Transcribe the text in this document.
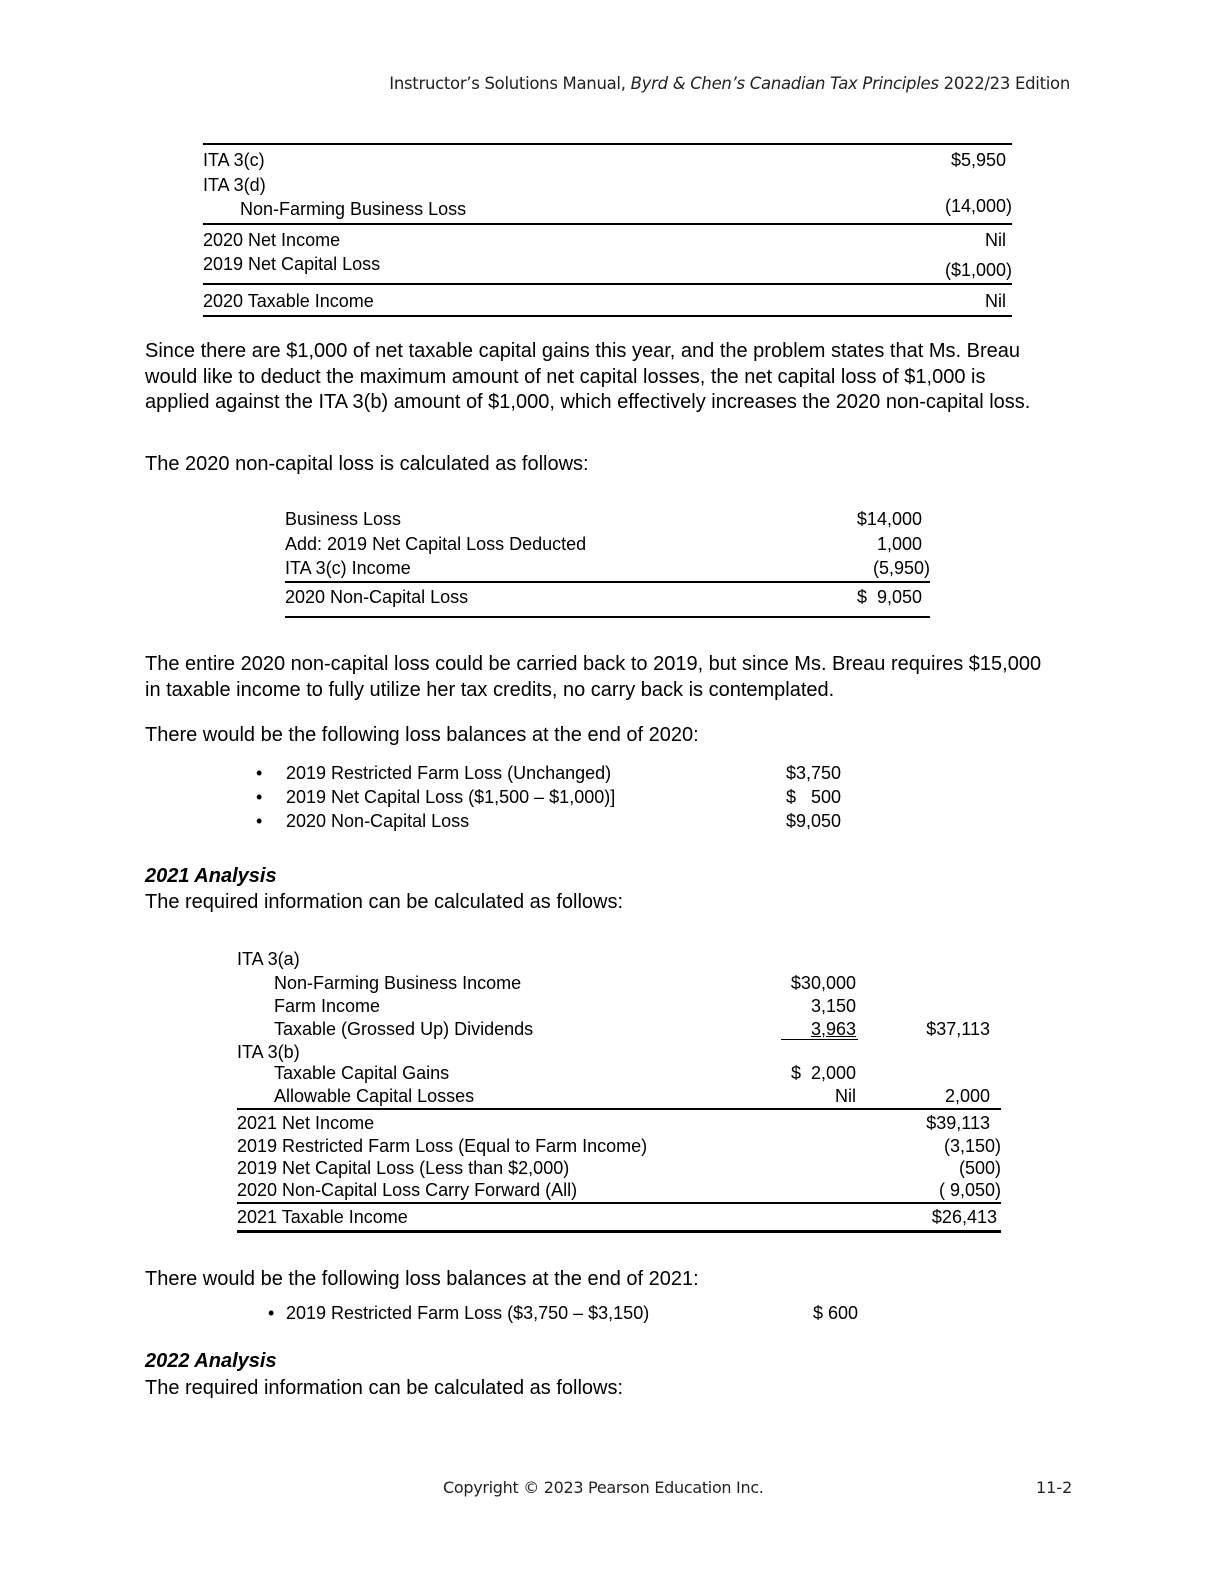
Instructor’s Solutions Manual, Byrd & Chen’s Canadian Tax Principles 2022/23 Edition
ITA 3(c)	$5,950
ITA 3(d)
Non-Farming Business Loss	(14,000)
2020 Net Income	Nil
2019 Net Capital Loss	($1,000)
2020 Taxable Income	Nil
Since there are $1,000 of net taxable capital gains this year, and the problem states that Ms. Breau would like to deduct the maximum amount of net capital losses, the net capital loss of $1,000 is applied against the ITA 3(b) amount of $1,000, which effectively increases the 2020 non-capital loss.
The 2020 non-capital loss is calculated as follows:
Business Loss	$14,000
Add: 2019 Net Capital Loss Deducted	1,000
ITA 3(c) Income	(5,950)
2020 Non-Capital Loss	$  9,050
The entire 2020 non-capital loss could be carried back to 2019, but since Ms. Breau requires $15,000 in taxable income to fully utilize her tax credits, no carry back is contemplated.
There would be the following loss balances at the end of 2020:
• 2019 Restricted Farm Loss (Unchanged)	$3,750
• 2019 Net Capital Loss ($1,500 – $1,000)]	$   500
• 2020 Non-Capital Loss	$9,050
2021 Analysis
The required information can be calculated as follows:
ITA 3(a)
Non-Farming Business Income	$30,000
Farm Income	3,150
Taxable (Grossed Up) Dividends	3,963	$37,113
ITA 3(b)
Taxable Capital Gains	$  2,000
Allowable Capital Losses	Nil	2,000
2021 Net Income	$39,113
2019 Restricted Farm Loss (Equal to Farm Income)	(3,150)
2019 Net Capital Loss (Less than $2,000)	(500)
2020 Non-Capital Loss Carry Forward (All)	( 9,050)
2021 Taxable Income	$26,413
There would be the following loss balances at the end of 2021:
• 2019 Restricted Farm Loss ($3,750 – $3,150)	$ 600
2022 Analysis
The required information can be calculated as follows:
Copyright © 2023 Pearson Education Inc.	11-2
